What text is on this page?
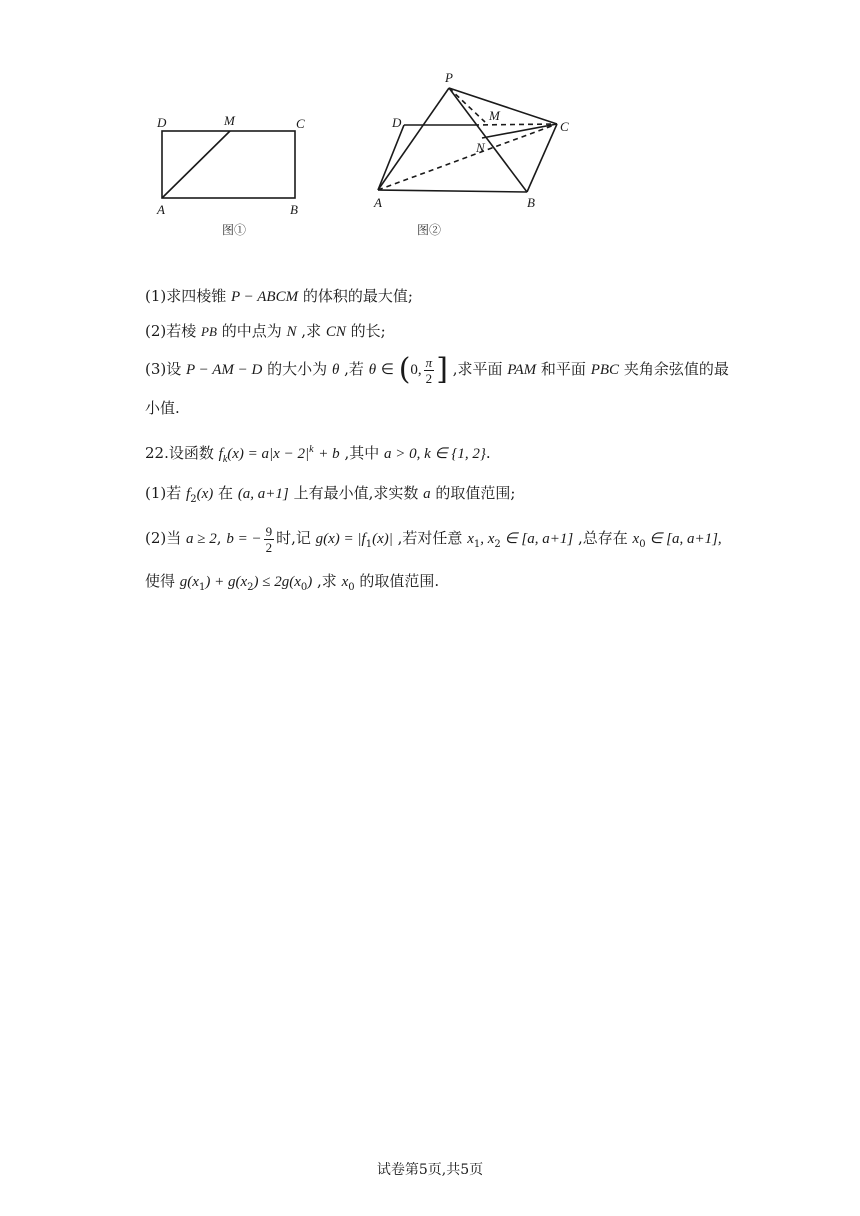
D	M	C
A	B
图①
P
D	M
C
N
A	B
图②
(1)求四棱锥 P − ABCM 的体积的最大值;
(2)若棱 PB 的中点为 N ,求 CN 的长;
(3)设 P − AM − D 的大小为 θ ,若 θ ∈ (0, $\frac{\pi}{2}$ ] ,求平面 PAM 和平面 PBC 夹角余弦值的最
小值.
22.设函数 $f_k(x) = a|x - 2|^k + b$ ,其中 a > 0, k ∈ {1, 2}.
(1)若 $f_2(x)$ 在 (a, a+1] 上有最小值,求实数 a 的取值范围;
(2)当 a ≥ 2, b = − $\frac{9}{2}$ 时,记 $g(x) = |f_1(x)|$ ,若对任意 $x_1$, $x_2$ ∈ [a, a+1] ,总存在 $x_0$ ∈ [a, a+1],
使得 $g(x_1) + g(x_2) \le 2g(x_0)$ ,求 $x_0$ 的取值范围.
试卷第5页,共5页
